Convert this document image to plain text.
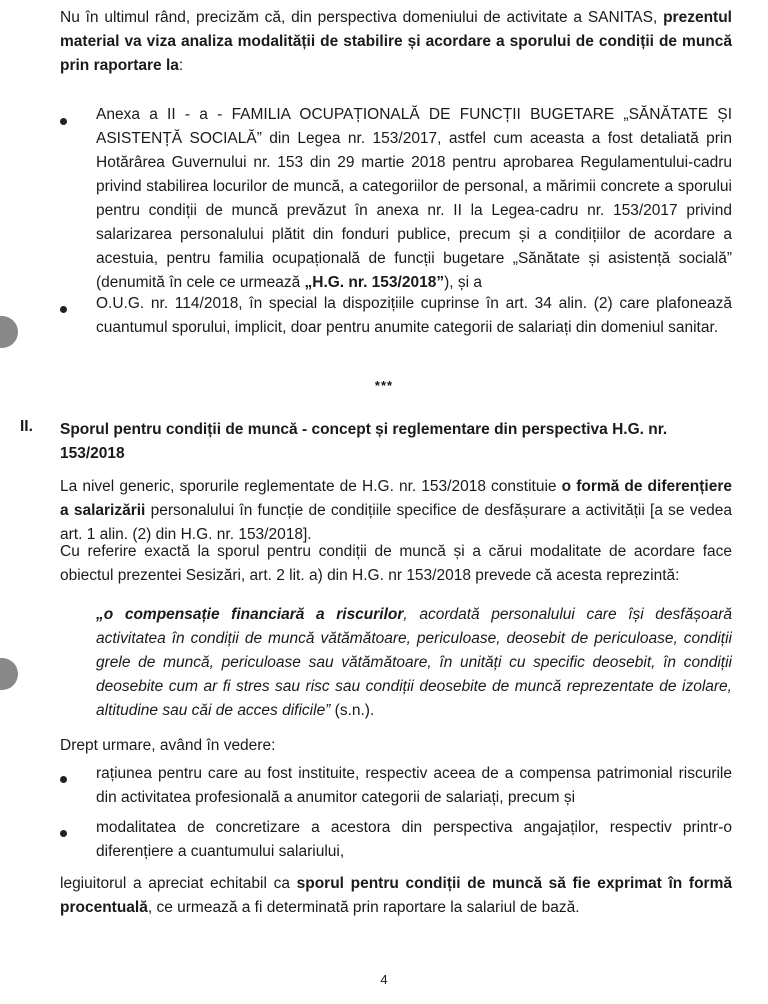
Nu în ultimul rând, precizăm că, din perspectiva domeniului de activitate a SANITAS, prezentul material va viza analiza modalității de stabilire și acordare a sporului de condiții de muncă prin raportare la:
Anexa a II - a - FAMILIA OCUPAȚIONALĂ DE FUNCȚII BUGETARE „SĂNĂTATE ȘI ASISTENȚĂ SOCIALĂ” din Legea nr. 153/2017, astfel cum aceasta a fost detaliată prin Hotărârea Guvernului nr. 153 din 29 martie 2018 pentru aprobarea Regulamentului-cadru privind stabilirea locurilor de muncă, a categoriilor de personal, a mărimii concrete a sporului pentru condiții de muncă prevăzut în anexa nr. II la Legea-cadru nr. 153/2017 privind salarizarea personalului plătit din fonduri publice, precum și a condițiilor de acordare a acestuia, pentru familia ocupațională de funcții bugetare „Sănătate și asistență socială” (denumită în cele ce urmează „H.G. nr. 153/2018”), și a
O.U.G. nr. 114/2018, în special la dispozițiile cuprinse în art. 34 alin. (2) care plafonează cuantumul sporului, implicit, doar pentru anumite categorii de salariați din domeniul sanitar.
***
II. Sporul pentru condiții de muncă - concept și reglementare din perspectiva H.G. nr. 153/2018
La nivel generic, sporurile reglementate de H.G. nr. 153/2018 constituie o formă de diferențiere a salarizării personalului în funcție de condițiile specifice de desfășurare a activității [a se vedea art. 1 alin. (2) din H.G. nr. 153/2018].
Cu referire exactă la sporul pentru condiții de muncă și a cărui modalitate de acordare face obiectul prezentei Sesizări, art. 2 lit. a) din H.G. nr 153/2018 prevede că acesta reprezintă:
„o compensație financiară a riscurilor, acordată personalului care își desfășoară activitatea în condiții de muncă vătămătoare, periculoase, deosebit de periculoase, condiții grele de muncă, periculoase sau vătămătoare, în unități cu specific deosebit, în condiții deosebite cum ar fi stres sau risc sau condiții deosebite de muncă reprezentate de izolare, altitudine sau căi de acces dificile” (s.n.).
Drept urmare, având în vedere:
rațiunea pentru care au fost instituite, respectiv aceea de a compensa patrimonial riscurile din activitatea profesională a anumitor categorii de salariați, precum și
modalitatea de concretizare a acestora din perspectiva angajaților, respectiv printr-o diferențiere a cuantumului salariului,
legiuitorul a apreciat echitabil ca sporul pentru condiții de muncă să fie exprimat în formă procentuală, ce urmează a fi determinată prin raportare la salariul de bază.
4
